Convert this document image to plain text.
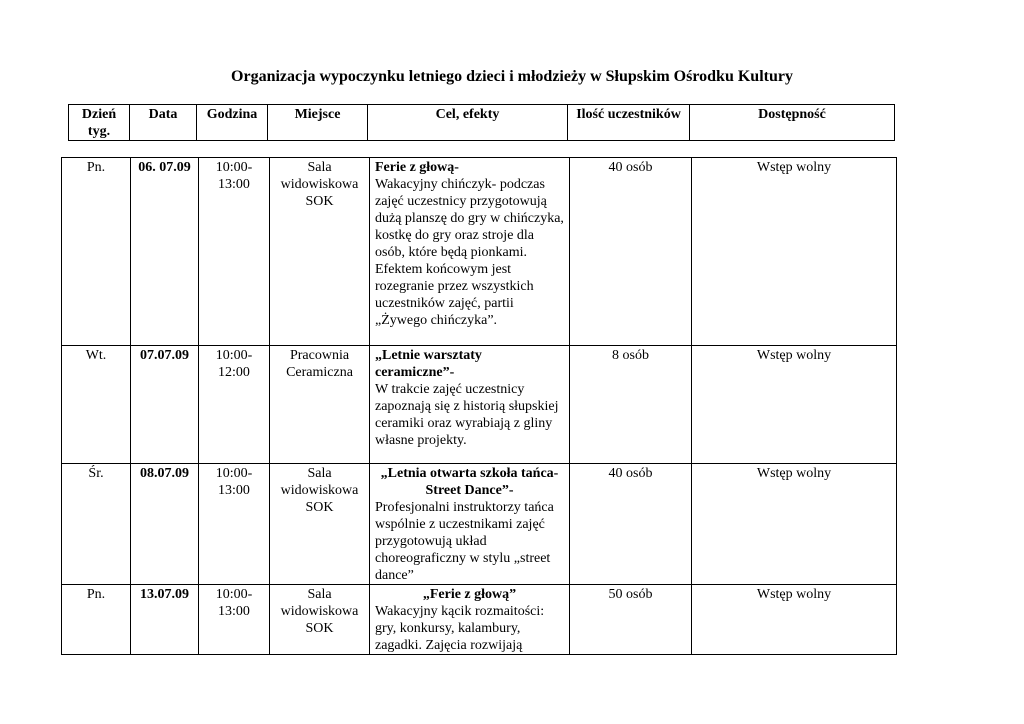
Organizacja wypoczynku letniego dzieci i młodzieży w Słupskim Ośrodku Kultury
Dzień tyg.	Data	Godzina	Miejsce	Cel, efekty	Ilość uczestników	Dostępność
Pn.	06. 07.09	10:00-13:00	Sala widowiskowa SOK	Ferie z głową-
Wakacyjny chińczyk- podczas zajęć uczestnicy przygotowują dużą planszę do gry w chińczyka, kostkę do gry oraz stroje dla osób, które będą pionkami. Efektem końcowym jest rozegranie przez wszystkich uczestników zajęć, partii „Żywego chińczyka”.	40 osób	Wstęp wolny
Wt.	07.07.09	10:00-12:00	Pracownia Ceramiczna	„Letnie warsztaty ceramiczne”-
W trakcie zajęć uczestnicy zapoznają się z historią słupskiej ceramiki oraz wyrabiają z gliny własne projekty.	8 osób	Wstęp wolny
Śr.	08.07.09	10:00-13:00	Sala widowiskowa SOK	„Letnia otwarta szkoła tańca- Street Dance”-
Profesjonalni instruktorzy tańca wspólnie z uczestnikami zajęć przygotowują układ choreograficzny w stylu „street dance”	40 osób	Wstęp wolny
Pn.	13.07.09	10:00-13:00	Sala widowiskowa SOK	„Ferie z głową”
Wakacyjny kącik rozmaitości: gry, konkursy, kalambury, zagadki. Zajęcia rozwijają	50 osób	Wstęp wolny
